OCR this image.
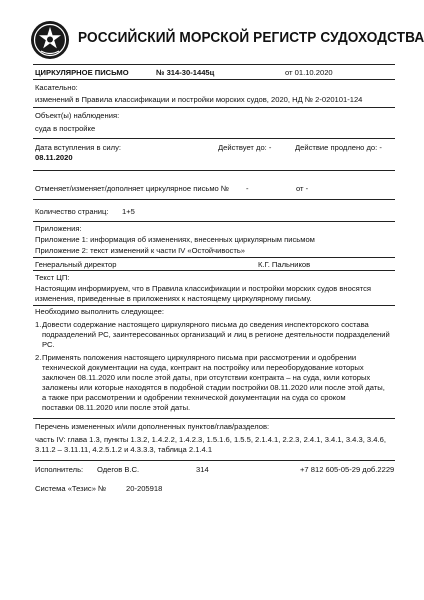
РОССИЙСКИЙ МОРСКОЙ РЕГИСТР СУДОХОДСТВА
ЦИРКУЛЯРНОЕ ПИСЬМО	№ 314-30-1445ц	от 01.10.2020
Касательно:
изменений в Правила классификации и постройки морских судов, 2020, НД № 2-020101-124
Объект(ы) наблюдения:
суда в постройке
Дата вступления в силу:
08.11.2020
Действует до: -	Действие продлено до: -
Отменяет/изменяет/дополняет циркулярное письмо № -	от -
Количество страниц: 1+5
Приложения:
Приложение 1: информация об изменениях, внесенных циркулярным письмом
Приложение 2: текст изменений к части IV «Остойчивость»
Генеральный директор	К.Г. Пальников
Текст ЦП:
Настоящим информируем, что в Правила классификации и постройки морских судов вносятся
изменения, приведенные в приложениях к настоящему циркулярному письму.
Необходимо выполнить следующее:
1. Довести содержание настоящего циркулярного письма до сведения инспекторского состава
подразделений РС, заинтересованных организаций и лиц в регионе деятельности подразделений
РС.
2. Применять положения настоящего циркулярного письма при рассмотрении и одобрении
технической документации на суда, контракт на постройку или переоборудование которых
заключен 08.11.2020 или после этой даты, при отсутствии контракта – на суда, кили которых
заложены или которые находятся в подобной стадии постройки 08.11.2020 или после этой даты,
а также при рассмотрении и одобрении технической документации на суда со сроком
поставки 08.11.2020 или после этой даты.
Перечень измененных и/или дополненных пунктов/глав/разделов:
часть IV: глава 1.3, пункты 1.3.2, 1.4.2.2, 1.4.2.3, 1.5.1.6, 1.5.5, 2.1.4.1, 2.2.3, 2.4.1, 3.4.1, 3.4.3, 3.4.6,
3.11.2 – 3.11.11, 4.2.5.1.2 и 4.3.3.3, таблица 2.1.4.1
Исполнитель: Одегов В.С.	314	+7 812 605-05-29 доб.2229
Система «Тезис» №	20-205918
